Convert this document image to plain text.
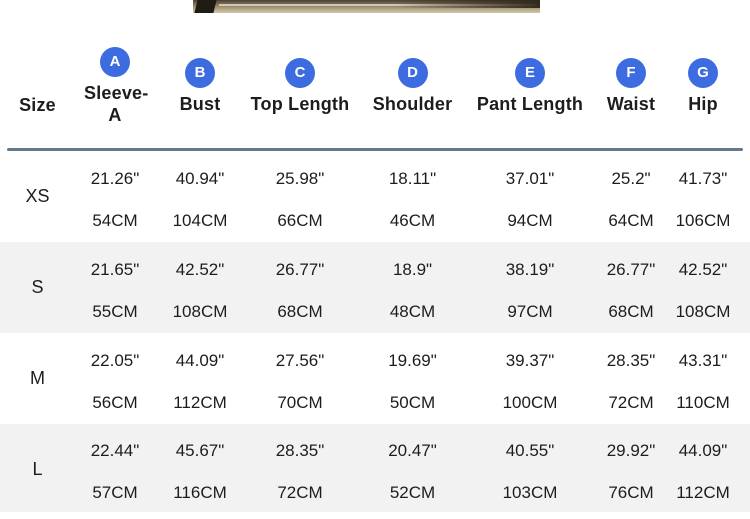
Size
A
Sleeve-A
B
Bust
C
Top Length
D
Shoulder
E
Pant Length
F
Waist
G
Hip
XS
21.26"
54CM
40.94"
104CM
25.98"
66CM
18.11"
46CM
37.01"
94CM
25.2"
64CM
41.73"
106CM
S
21.65"
55CM
42.52"
108CM
26.77"
68CM
18.9"
48CM
38.19"
97CM
26.77"
68CM
42.52"
108CM
M
22.05"
56CM
44.09"
112CM
27.56"
70CM
19.69"
50CM
39.37"
100CM
28.35"
72CM
43.31"
110CM
L
22.44"
57CM
45.67"
116CM
28.35"
72CM
20.47"
52CM
40.55"
103CM
29.92"
76CM
44.09"
112CM
